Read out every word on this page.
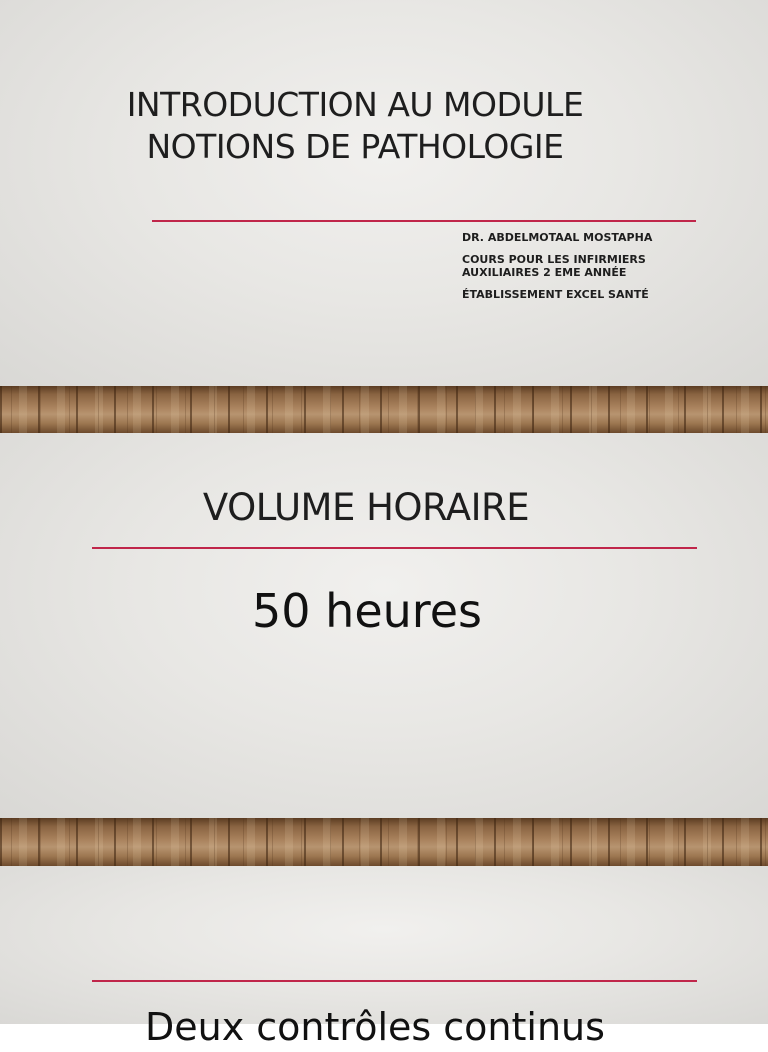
INTRODUCTION AU MODULE
NOTIONS DE PATHOLOGIE
DR. ABDELMOTAAL MOSTAPHA
COURS POUR LES INFIRMIERS AUXILIAIRES 2 EME ANNÉE
ÉTABLISSEMENT EXCEL SANTÉ
VOLUME HORAIRE
50 heures
Deux contrôles continus
